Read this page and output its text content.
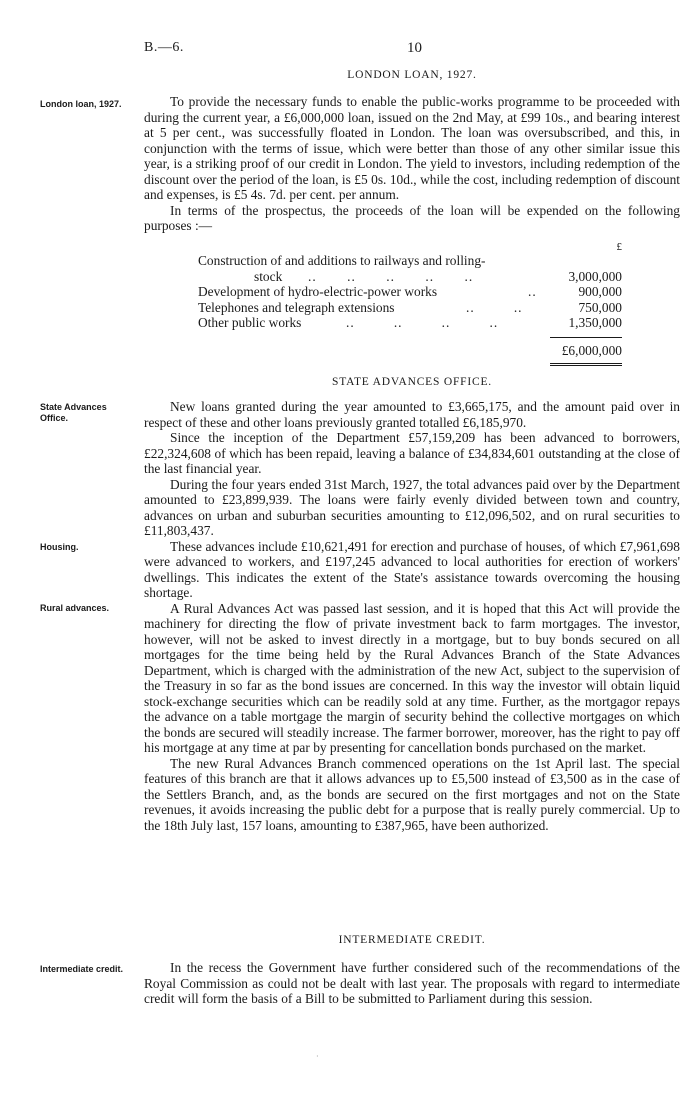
B.—6.	10
LONDON LOAN, 1927.
London loan, 1927.	To provide the necessary funds to enable the public-works programme to be proceeded with during the current year, a £6,000,000 loan, issued on the 2nd May, at £99 10s., and bearing interest at 5 per cent., was successfully floated in London. The loan was oversubscribed, and this, in conjunction with the terms of issue, which were better than those of any other similar issue this year, is a striking proof of our credit in London. The yield to investors, including redemption of the discount over the period of the loan, is £5 0s. 10d., while the cost, including redemption of discount and expenses, is £5 4s. 7d. per cent. per annum.

In terms of the prospectus, the proceeds of the loan will be expended on the following purposes :—

£
Construction of and additions to railways and rolling-
stock ..       ..       ..       ..       ..	3,000,000
Development of hydro-electric-power works	..	900,000
Telephones and telegraph extensions	..         ..	750,000
Other public works	..         ..         ..         ..	1,350,000
£6,000,000
STATE ADVANCES OFFICE.
State Advances Office.
Housing.
Rural advances.

New loans granted during the year amounted to £3,665,175, and the amount paid over in respect of these and other loans previously granted totalled £6,185,970.

Since the inception of the Department £57,159,209 has been advanced to borrowers, £22,324,608 of which has been repaid, leaving a balance of £34,834,601 outstanding at the close of the last financial year.

During the four years ended 31st March, 1927, the total advances paid over by the Department amounted to £23,899,939. The loans were fairly evenly divided between town and country, advances on urban and suburban securities amounting to £12,096,502, and on rural securities to £11,803,437.

These advances include £10,621,491 for erection and purchase of houses, of which £7,961,698 were advanced to workers, and £197,245 advanced to local authorities for erection of workers' dwellings. This indicates the extent of the State's assistance towards overcoming the housing shortage.

A Rural Advances Act was passed last session, and it is hoped that this Act will provide the machinery for directing the flow of private investment back to farm mortgages. The investor, however, will not be asked to invest directly in a mortgage, but to buy bonds secured on all mortgages for the time being held by the Rural Advances Branch of the State Advances Department, which is charged with the administration of the new Act, subject to the supervision of the Treasury in so far as the bond issues are concerned. In this way the investor will obtain liquid stock-exchange securities which can be readily sold at any time. Further, as the mortgagor repays the advance on a table mortgage the margin of security behind the collective mortgages on which the bonds are secured will steadily increase. The farmer borrower, moreover, has the right to pay off his mortgage at any time at par by presenting for cancellation bonds purchased on the market.

The new Rural Advances Branch commenced operations on the 1st April last. The special features of this branch are that it allows advances up to £5,500 instead of £3,500 as in the case of the Settlers Branch, and, as the bonds are secured on the first mortgages and not on the State revenues, it avoids increasing the public debt for a purpose that is really purely commercial. Up to the 18th July last, 157 loans, amounting to £387,965, have been authorized.

INTERMEDIATE CREDIT.
Intermediate credit.	In the recess the Government have further considered such of the recommendations of the Royal Commission as could not be dealt with last year. The proposals with regard to intermediate credit will form the basis of a Bill to be submitted to Parliament during this session.

·
